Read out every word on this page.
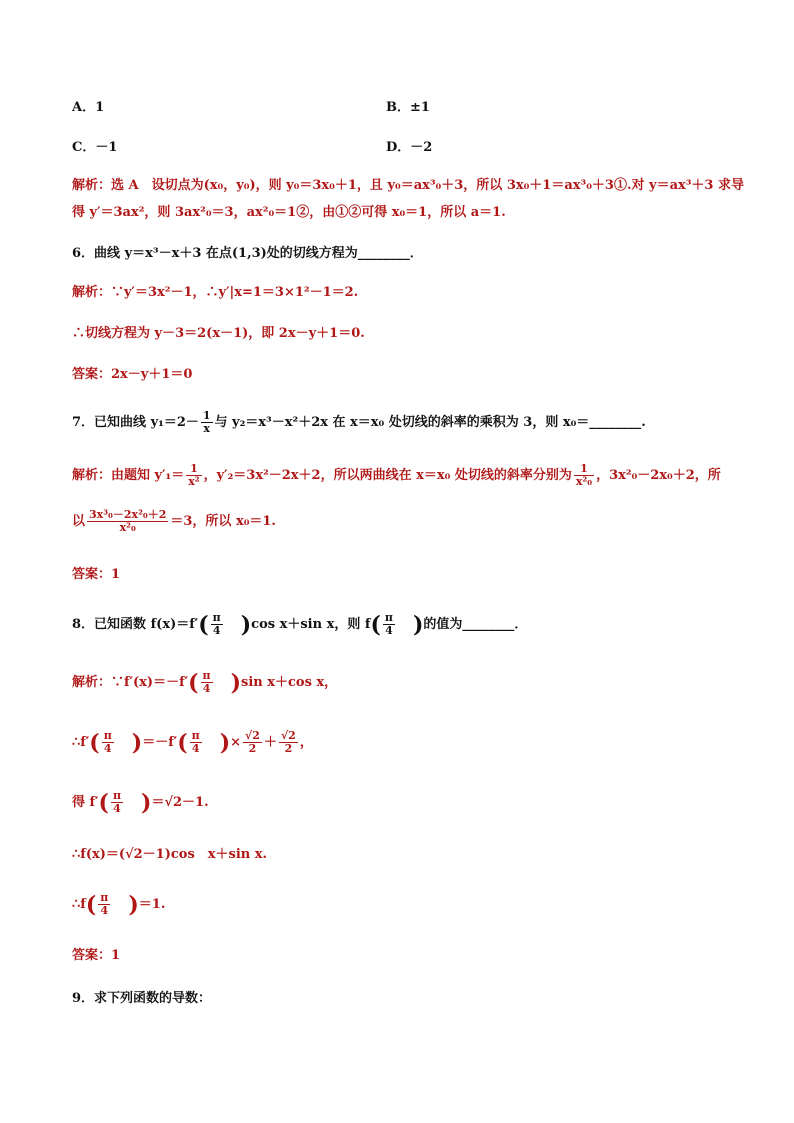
A．1	B．±1
C．－1	D．－2
解析：选 A　设切点为(x₀，y₀)，则 y₀＝3x₀＋1，且 y₀＝ax³₀＋3，所以 3x₀＋1＝ax³₀＋3①.对 y＝ax³＋3 求导
得 y′＝3ax²，则 3ax²₀＝3，ax²₀＝1②，由①②可得 x₀＝1，所以 a＝1.
6．曲线 y＝x³－x＋3 在点(1,3)处的切线方程为________．
解析：∵y′＝3x²－1，∴y′|x=1＝3×1²－1＝2.
∴切线方程为 y－3＝2(x－1)，即 2x－y＋1＝0.
答案：2x－y＋1＝0
7．已知曲线 $y_1=2- \frac{1}{x}$ 与 y₂＝x³－x²＋2x 在 x＝x₀ 处切线的斜率的乘积为 3，则 x₀＝________.
解析：由题知 $y'_1= \frac{1}{\text{x²}}$ ，y′₂＝3x²－2x＋2，所以两曲线在 x＝x₀ 处切线的斜率分别为 $\frac{1}{\text{x²₀}}$ ，3x²₀－2x₀＋2，所
以 $\frac{\text{3x³₀－2x²₀＋2}}{\text{x²₀}} =3$，所以 x₀＝1.
答案：1
8．已知函数 $f(x)=f'( \frac{\pi}{4} )\cos$ x＋sin x，则 $f( \frac{\pi}{4}$ )的值为________．
解析：∵f′(x)＝－f′( $\frac{\pi}{4} )\sin$ x＋cos x，
∴f′( $\frac{\pi}{4} )=-f'( \frac{\pi}{4}$ )× $\frac{√2}{2} + \frac{√2}{2}$ ，
得 $f'( \frac{\pi}{4} )=√2-1$.
∴f(x)＝(√2－1)cos　x＋sin x.
∴f( $\frac{\pi}{4} )=1$.
答案：1
9．求下列函数的导数：
